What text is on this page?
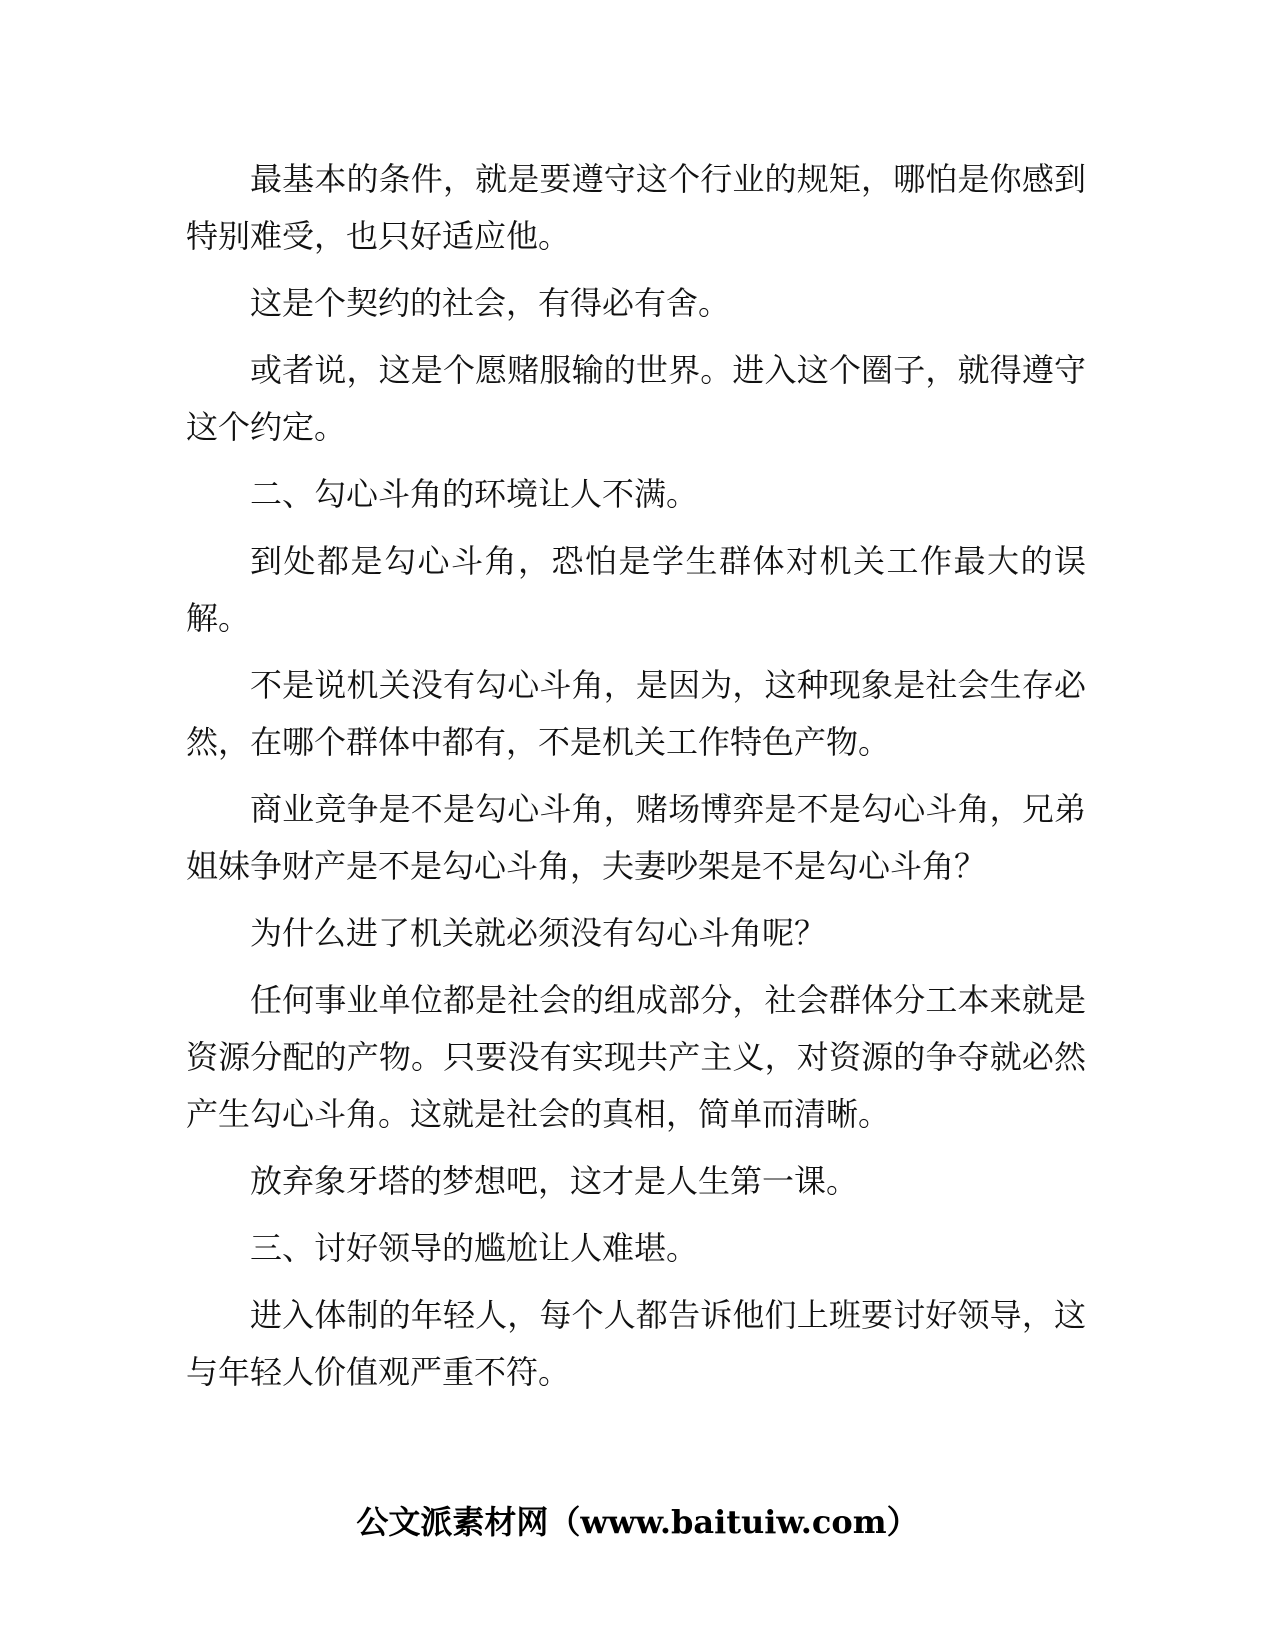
最基本的条件，就是要遵守这个行业的规矩，哪怕是你感到特别难受，也只好适应他。

这是个契约的社会，有得必有舍。

或者说，这是个愿赌服输的世界。进入这个圈子，就得遵守这个约定。

二、勾心斗角的环境让人不满。

到处都是勾心斗角，恐怕是学生群体对机关工作最大的误解。

不是说机关没有勾心斗角，是因为，这种现象是社会生存必然，在哪个群体中都有，不是机关工作特色产物。

商业竞争是不是勾心斗角，赌场博弈是不是勾心斗角，兄弟姐妹争财产是不是勾心斗角，夫妻吵架是不是勾心斗角？

为什么进了机关就必须没有勾心斗角呢？

任何事业单位都是社会的组成部分，社会群体分工本来就是资源分配的产物。只要没有实现共产主义，对资源的争夺就必然产生勾心斗角。这就是社会的真相，简单而清晰。

放弃象牙塔的梦想吧，这才是人生第一课。

三、讨好领导的尴尬让人难堪。

进入体制的年轻人，每个人都告诉他们上班要讨好领导，这与年轻人价值观严重不符。

公文派素材网（www.baituiw.com）
